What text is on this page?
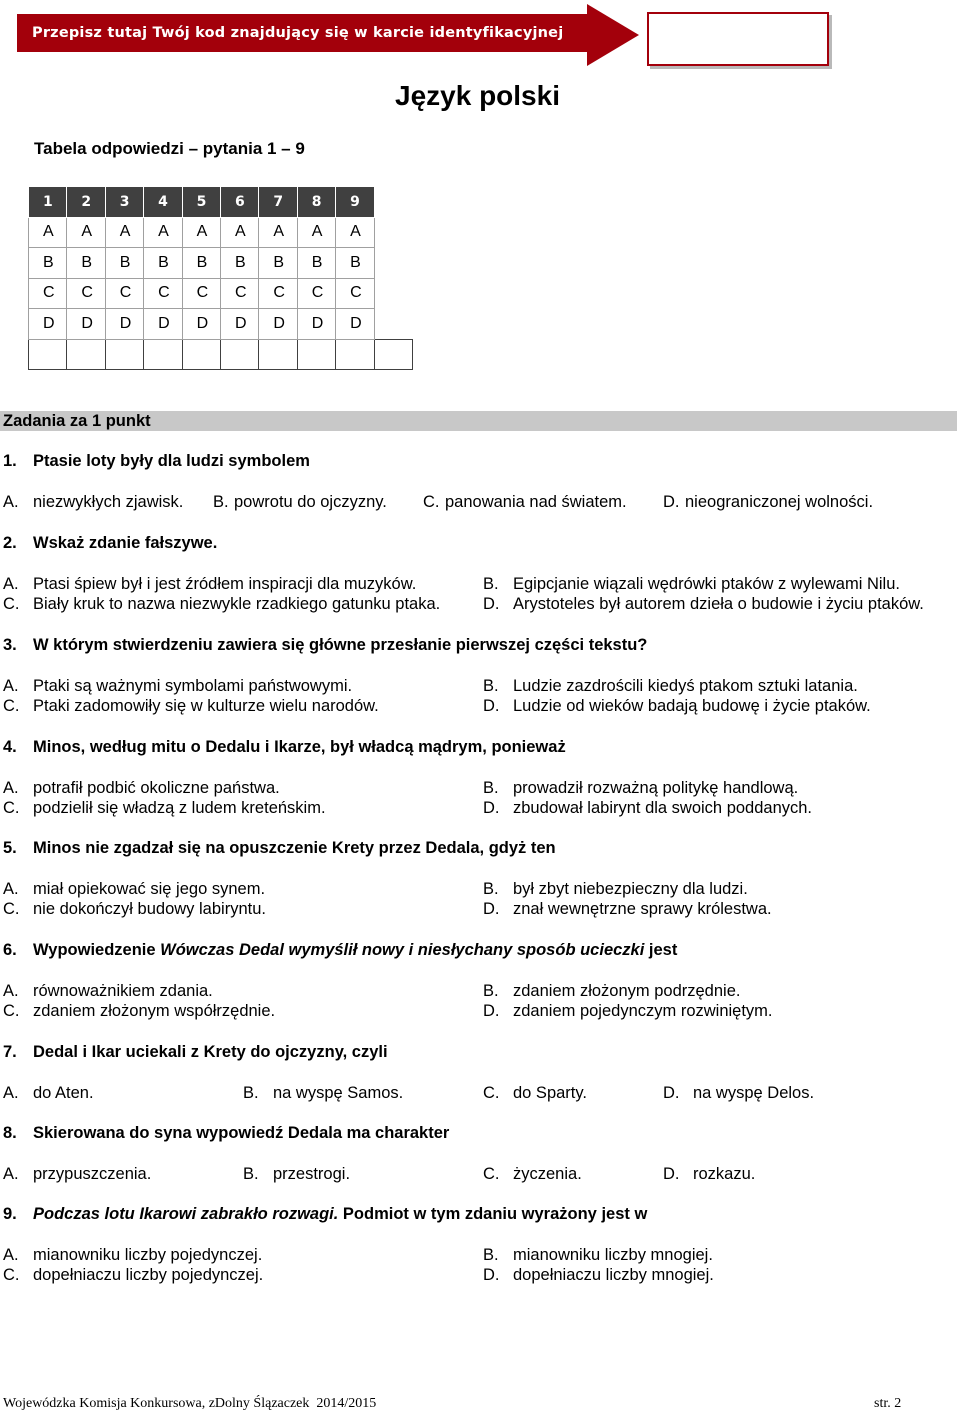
Przepisz tutaj Twój kod znajdujący się w karcie identyfikacyjnej
Język polski
Tabela odpowiedzi – pytania 1 – 9
1	2	3	4	5	6	7	8	9	
A	A	A	A	A	A	A	A	A	
B	B	B	B	B	B	B	B	B	
C	C	C	C	C	C	C	C	C	
D	D	D	D	D	D	D	D	D	

Zadania za 1 punkt
1. Ptasie loty były dla ludzi symbolem
A. niezwykłych zjawisk. B. powrotu do ojczyzny. C. panowania nad światem. D. nieograniczonej wolności.
2. Wskaż zdanie fałszywe.
A. Ptasi śpiew był i jest źródłem inspiracji dla muzyków.	B. Egipcjanie wiązali wędrówki ptaków z wylewami Nilu.
C. Biały kruk to nazwa niezwykle rzadkiego gatunku ptaka.	D. Arystoteles był autorem dzieła o budowie i życiu ptaków.
3. W którym stwierdzeniu zawiera się główne przesłanie pierwszej części tekstu?
A. Ptaki są ważnymi symbolami państwowymi.	B. Ludzie zazdrościli kiedyś ptakom sztuki latania.
C. Ptaki zadomowiły się w kulturze wielu narodów.	D. Ludzie od wieków badają budowę i życie ptaków.
4. Minos, według mitu o Dedalu i Ikarze, był władcą mądrym, ponieważ
A. potrafił podbić okoliczne państwa.	B. prowadził rozważną politykę handlową.
C. podzielił się władzą z ludem kreteńskim.	D. zbudował labirynt dla swoich poddanych.
5. Minos nie zgadzał się na opuszczenie Krety przez Dedala, gdyż ten
A. miał opiekować się jego synem.	B. był zbyt niebezpieczny dla ludzi.
C. nie dokończył budowy labiryntu.	D. znał wewnętrzne sprawy królestwa.
6. Wypowiedzenie Wówczas Dedal wymyślił nowy i niesłychany sposób ucieczki jest
A. równoważnikiem zdania.	B. zdaniem złożonym podrzędnie.
C. zdaniem złożonym współrzędnie.	D. zdaniem pojedynczym rozwiniętym.
7. Dedal i Ikar uciekali z Krety do ojczyzny, czyli
A. do Aten.	B. na wyspę Samos.	C. do Sparty.	D. na wyspę Delos.
8. Skierowana do syna wypowiedź Dedala ma charakter
A. przypuszczenia.	B. przestrogi.	C. życzenia.	D. rozkazu.
9. Podczas lotu Ikarowi zabrakło rozwagi. Podmiot w tym zdaniu wyrażony jest w
A. mianowniku liczby pojedynczej.	B. mianowniku liczby mnogiej.
C. dopełniaczu liczby pojedynczej.	D. dopełniaczu liczby mnogiej.
Wojewódzka Komisja Konkursowa, zDolny Ślązaczek  2014/2015	str. 2
